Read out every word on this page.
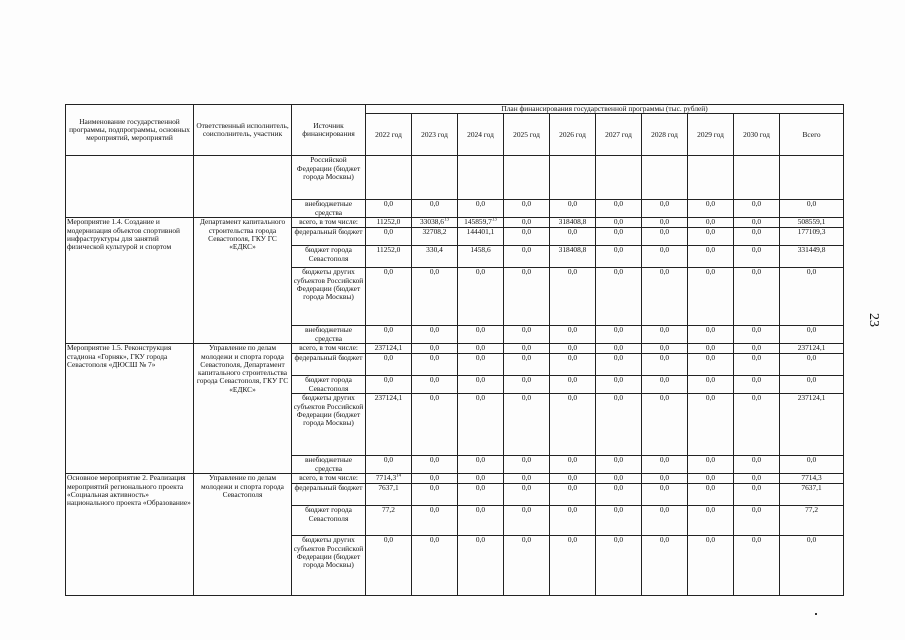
Наименование государственной программы, подпрограммы, основных мероприятий, мероприятий	Ответственный исполнитель, соисполнитель, участник	Источник финансирования	План финансирования государственной программы (тыс. рублей)									
			2022 год	2023 год	2024 год	2025 год	2026 год	2027 год	2028 год	2029 год	2030 год	Всего
		Российской Федерации (бюджет города Москвы)										
		внебюджетные средства	0,0	0,0	0,0	0,0	0,0	0,0	0,0	0,0	0,0	0,0
Мероприятие 1.4. Создание и модернизация объектов спортивной инфраструктуры для занятий физической культурой и спортом	Департамент капитального строительства города Севастополя, ГКУ ГС «ЕДКС»	всего, в том числе:	11252,0	33038,6$^{13}$	145859,7$^{13}$	0,0	318408,8	0,0	0,0	0,0	0,0	508559,1
		федеральный бюджет	0,0	32708,2	144401,1	0,0	0,0	0,0	0,0	0,0	0,0	177109,3
		бюджет города Севастополя	11252,0	330,4	1458,6	0,0	318408,8	0,0	0,0	0,0	0,0	331449,8
		бюджеты других субъектов Российской Федерации (бюджет города Москвы)	0,0	0,0	0,0	0,0	0,0	0,0	0,0	0,0	0,0	0,0
		внебюджетные средства	0,0	0,0	0,0	0,0	0,0	0,0	0,0	0,0	0,0	0,0
Мероприятие 1.5. Реконструкция стадиона «Горняк», ГКУ города Севастополя «ДЮСШ № 7»	Управление по делам молодежи и спорта города Севастополя, Департамент капитального строительства города Севастополя, ГКУ ГС «ЕДКС»	всего, в том числе:	237124,1	0,0	0,0	0,0	0,0	0,0	0,0	0,0	0,0	237124,1
		федеральный бюджет	0,0	0,0	0,0	0,0	0,0	0,0	0,0	0,0	0,0	0,0
		бюджет города Севастополя	0,0	0,0	0,0	0,0	0,0	0,0	0,0	0,0	0,0	0,0
		бюджеты других субъектов Российской Федерации (бюджет города Москвы)	237124,1	0,0	0,0	0,0	0,0	0,0	0,0	0,0	0,0	237124,1
		внебюджетные средства	0,0	0,0	0,0	0,0	0,0	0,0	0,0	0,0	0,0	0,0
Основное мероприятие 2. Реализация мероприятий регионального проекта «Социальная активность» национального проекта «Образование»	Управление по делам молодежи и спорта города Севастополя	всего, в том числе:	7714,3$^{14}$	0,0	0,0	0,0	0,0	0,0	0,0	0,0	0,0	7714,3
		федеральный бюджет	7637,1	0,0	0,0	0,0	0,0	0,0	0,0	0,0	0,0	7637,1
		бюджет города Севастополя	77,2	0,0	0,0	0,0	0,0	0,0	0,0	0,0	0,0	77,2
		бюджеты других субъектов Российской Федерации (бюджет города Москвы)	0,0	0,0	0,0	0,0	0,0	0,0	0,0	0,0	0,0	0,0
23
